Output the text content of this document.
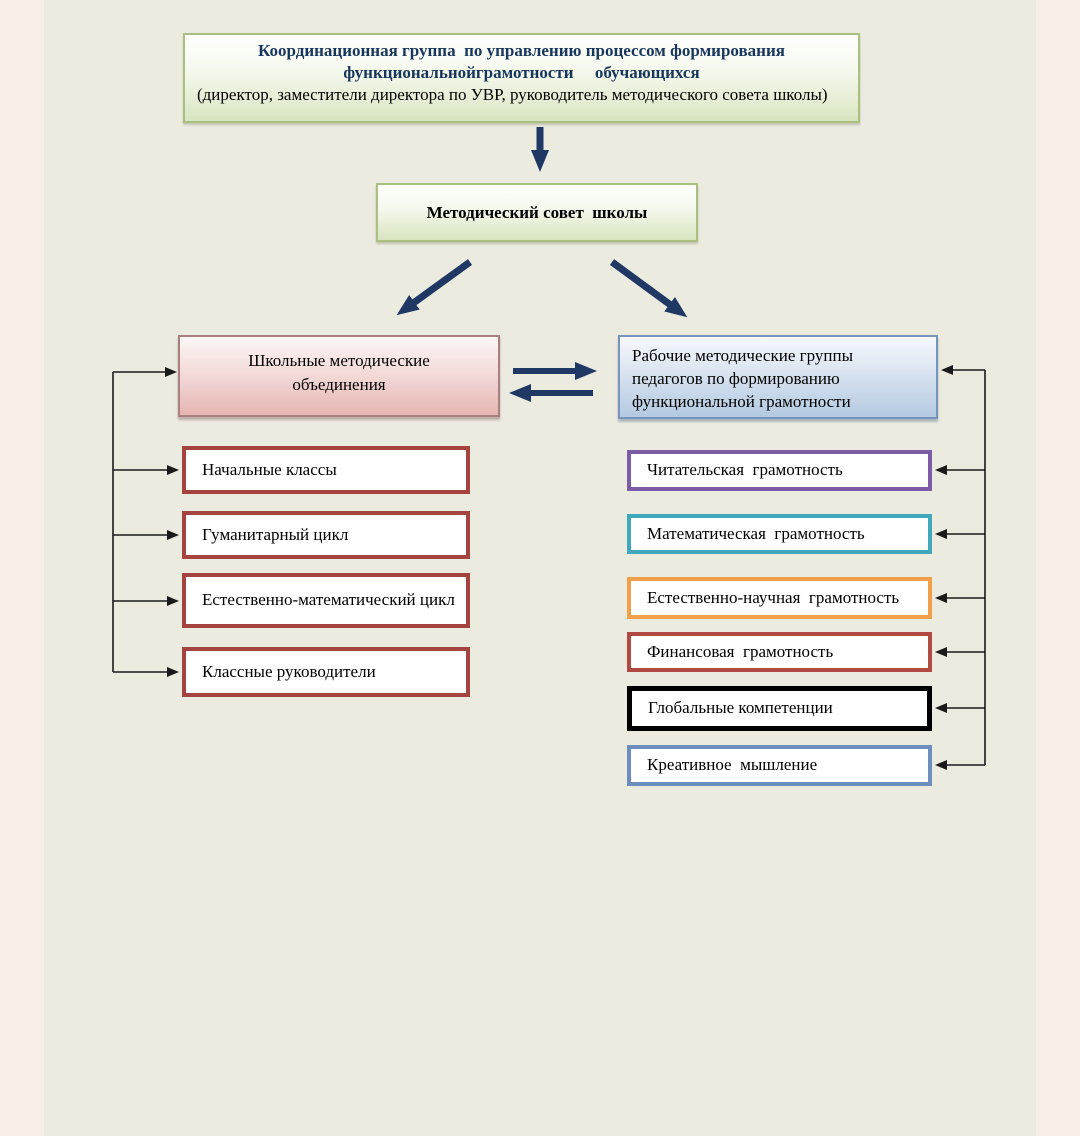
Координационная группа  по управлению процессом формирования функциональнойграмотности     обучающихся
(директор, заместители директора по УВР, руководитель методического совета школы)
Методический совет  школы
Школьные методические объединения
Рабочие методические группы педагогов по формированию функциональной грамотности
Начальные классы
Гуманитарный цикл
Естественно-математический цикл
Классные руководители
Читательская  грамотность
Математическая  грамотность
Естественно-научная  грамотность
Финансовая  грамотность
Глобальные компетенции
Креативное  мышление
